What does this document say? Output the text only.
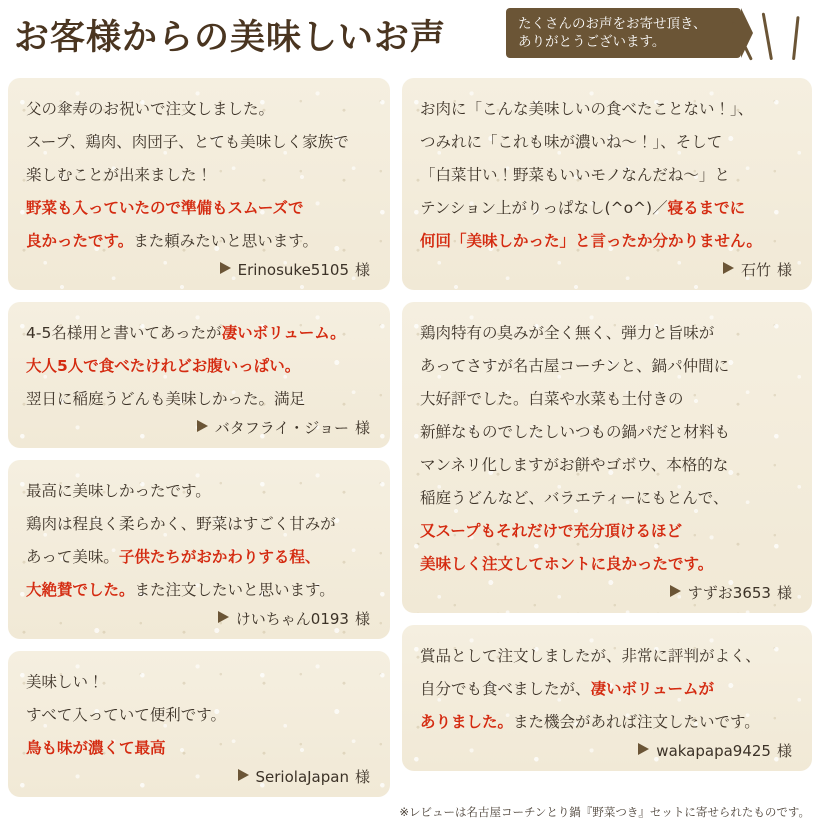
お客様からの美味しいお声	たくさんのお声をお寄せ頂き、
ありがとうございます。

父の傘寿のお祝いで注文しました。

スープ、鶏肉、肉団子、とても美味しく家族で

楽しむことが出来ました！

野菜も入っていたので準備もスムーズで

良かったです。また頼みたいと思います。

Erinosuke5105 様

4-5名様用と書いてあったが凄いボリューム。

大人5人で食べたけれどお腹いっぱい。

翌日に稲庭うどんも美味しかった。満足

バタフライ・ジョー 様

最高に美味しかったです。

鶏肉は程良く柔らかく、野菜はすごく甘みが

あって美味。子供たちがおかわりする程、

大絶賛でした。また注文したいと思います。

けいちゃん0193 様

美味しい！

すべて入っていて便利です。

鳥も味が濃くて最高

SeriolaJapan 様

お肉に「こんな美味しいの食べたことない！」、

つみれに「これも味が濃いね〜！」、そして

「白菜甘い！野菜もいいモノなんだね〜」と

テンション上がりっぱなし(^o^)／寝るまでに

何回「美味しかった」と言ったか分かりません。

石竹 様

鶏肉特有の臭みが全く無く、弾力と旨味が

あってさすが名古屋コーチンと、鍋パ仲間に

大好評でした。白菜や水菜も土付きの

新鮮なものでしたしいつもの鍋パだと材料も

マンネリ化しますがお餅やゴボウ、本格的な

稲庭うどんなど、バラエティーにもとんで、

又スープもそれだけで充分頂けるほど

美味しく注文してホントに良かったです。

すずお3653 様

賞品として注文しましたが、非常に評判がよく、

自分でも食べましたが、凄いボリュームが

ありました。また機会があれば注文したいです。

wakapapa9425 様
※レビューは名古屋コーチンとり鍋『野菜つき』セットに寄せられたものです。
